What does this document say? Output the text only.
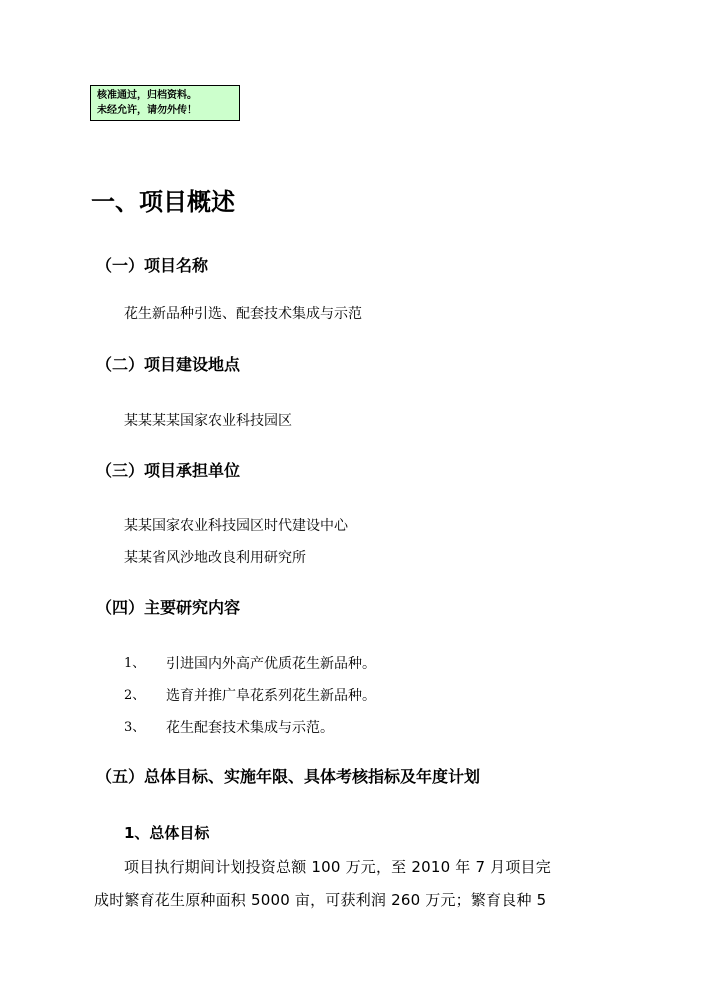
核准通过，归档资料。
未经允许，请勿外传！
一、项目概述
（一）项目名称
花生新品种引选、配套技术集成与示范
（二）项目建设地点
某某某某国家农业科技园区
（三）项目承担单位
某某国家农业科技园区时代建设中心
某某省风沙地改良利用研究所
（四）主要研究内容
1、 引进国内外高产优质花生新品种。
2、 选育并推广阜花系列花生新品种。
3、 花生配套技术集成与示范。
（五）总体目标、实施年限、具体考核指标及年度计划
1、总体目标
项目执行期间计划投资总额 100 万元，至 2010 年 7 月项目完
成时繁育花生原种面积 5000 亩，可获利润 260 万元；繁育良种 5
